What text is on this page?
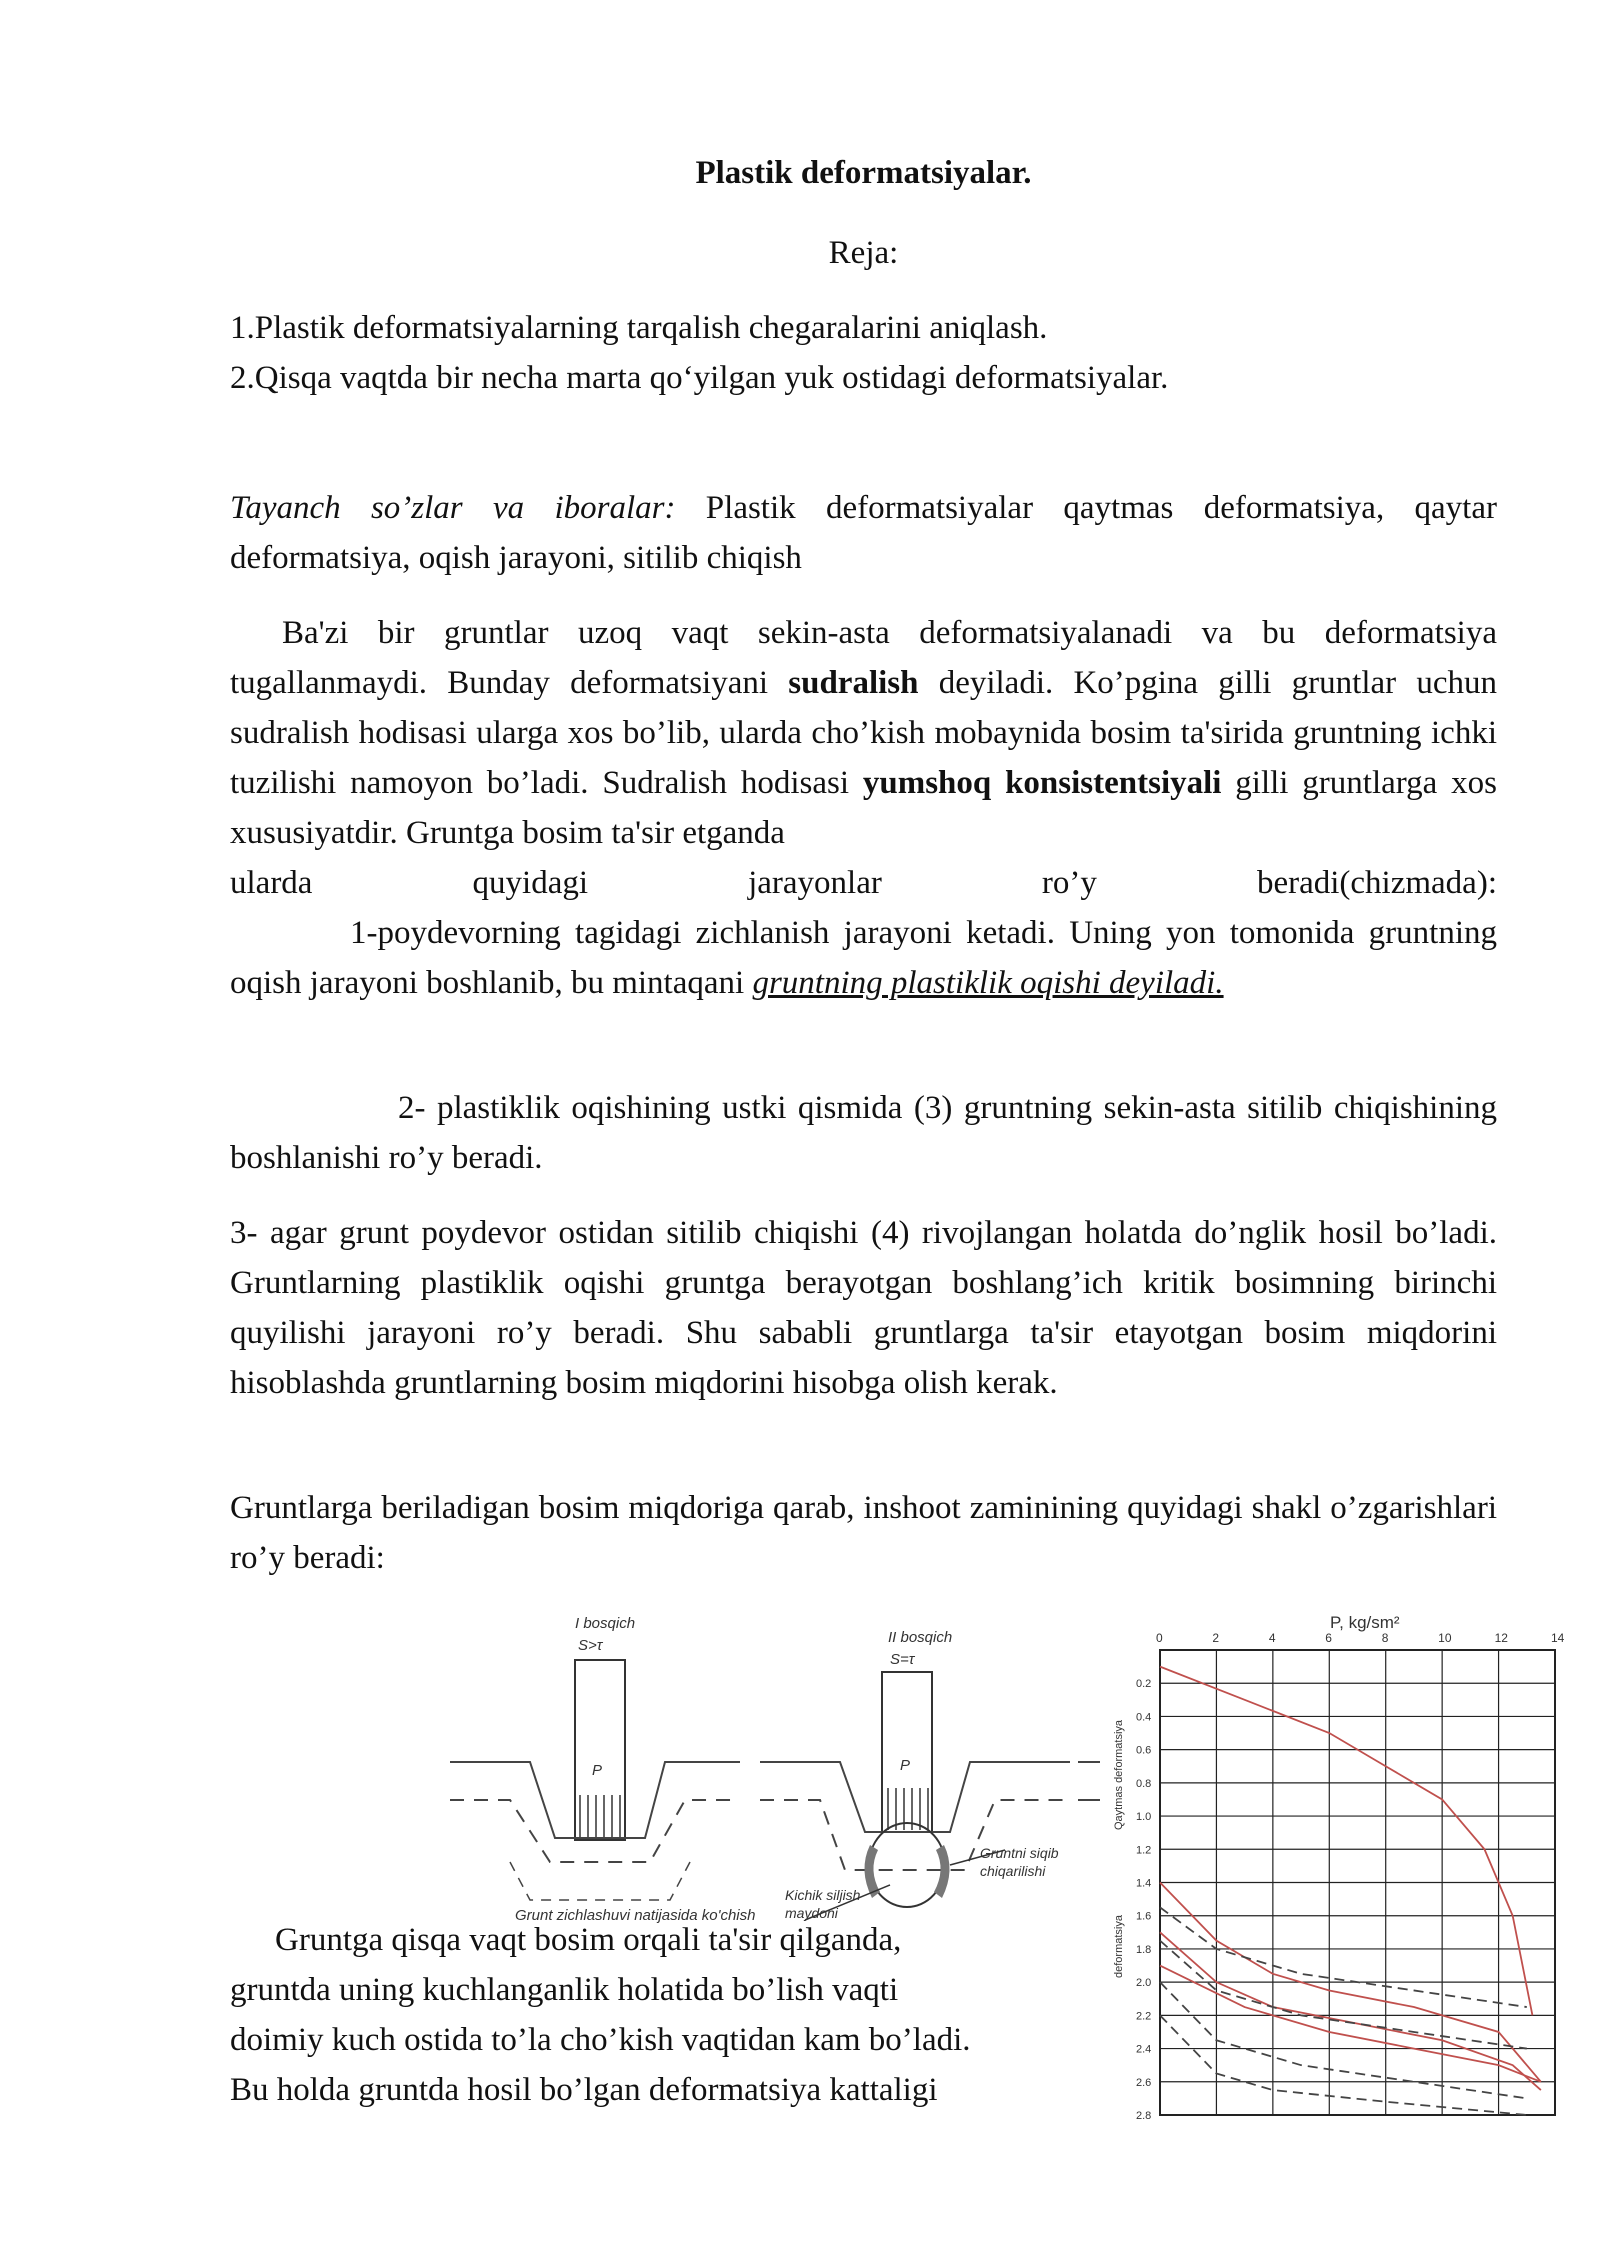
Plastik deformatsiyalar.
Reja:
1.Plastik deformatsiyalarning tarqalish chegaralarini aniqlash.
2.Qisqa vaqtda bir necha marta qo‘yilgan yuk ostidagi deformatsiyalar.
Tayanch so’zlar va iboralar: Plastik deformatsiyalar qaytmas deformatsiya, qaytar deformatsiya, oqish jarayoni, sitilib chiqish

Ba'zi bir gruntlar uzoq vaqt sekin-asta deformatsiyalanadi va bu deformatsiya tugallanmaydi. Bunday deformatsiyani sudralish deyiladi. Ko’pgina gilli gruntlar uchun sudralish hodisasi ularga xos bo’lib, ularda cho’kish mobaynida bosim ta'sirida gruntning ichki tuzilishi namoyon bo’ladi. Sudralish hodisasi yumshoq konsistentsiyali gilli gruntlarga xos xususiyatdir. Gruntga bosim ta'sir etganda

ularda quyidagi jarayonlar ro’y beradi(chizmada):

1-poydevorning tagidagi zichlanish jarayoni ketadi. Uning yon tomonida gruntning oqish jarayoni boshlanib, bu mintaqani gruntning plastiklik oqishi deyiladi.

2- plastiklik oqishining ustki qismida (3) gruntning sekin-asta sitilib chiqishining boshlanishi ro’y beradi.
3- agar grunt poydevor ostidan sitilib chiqishi (4) rivojlangan holatda do’nglik hosil bo’ladi. Gruntlarning plastiklik oqishi gruntga berayotgan boshlang’ich kritik bosimning birinchi quyilishi jarayoni ro’y beradi. Shu sababli gruntlarga ta'sir etayotgan bosim miqdorini hisoblashda gruntlarning bosim miqdorini hisobga olish kerak.
Gruntlarga beriladigan bosim miqdoriga qarab, inshoot zaminining quyidagi shakl o’zgarishlari ro’y beradi:
I bosqich
S>τ
P
Grunt zichlashuvi natijasida ko'chish
II bosqich
S=τ
P
Kichik siljish
maydoni
Gruntni siqib
chiqarilishi
P, kg/sm²
Qaytmas deformatsiya
deformatsiya
0	2	4	6	8	10	12	14
0.2
0.4
0.6
0.8
1.0
1.2
1.4
1.6
1.8
2.0
2.2
2.4
2.6
2.8
Gruntga qisqa vaqt bosim orqali ta'sir qilganda,
gruntda uning kuchlanganlik holatida bo’lish vaqti
doimiy kuch ostida to’la cho’kish vaqtidan kam bo’ladi.
Bu holda gruntda hosil bo’lgan deformatsiya kattaligi
